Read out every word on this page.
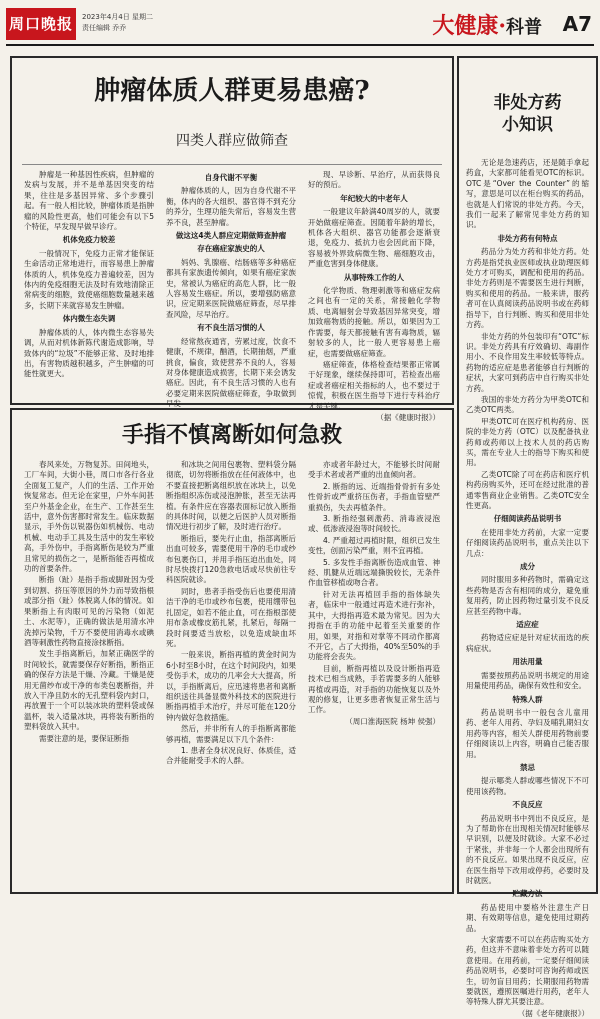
周口晚报	2023年4月4日 星期二
责任编辑 乔乔	大健康·科普 A7
肿瘤体质人群更易患癌?
四类人群应做筛查

肿瘤是一种基因性疾病，但肿瘤的发病与发展，并不是单基因突变的结果，往往是多基因异常、多个步骤引起。有一般人相比较，肿瘤体质是指肿瘤的风险性更高，他们可能会有以下5个特征，早发现早做早诊疗。

机体免疫力较差

一般情况下，免疫力正常才能保证生命活动正常地进行，而容易患上肿瘤体质的人，机体免疫力普遍较差，因为体内的免疫细胞无法及时有效地清除正常病变的细胞，致使癌细胞数量越来越多，长期下来就容易发生肿瘤。

体内微生态失调

肿瘤体质的人，体内微生态容易失调，从而对机体新陈代谢造成影响，导致体内的“垃圾”不能够正常、及时地排出，有害物质越积越多，产生肿瘤的可能性就更大。

自身代谢不平衡

肿瘤体质的人，因为自身代谢不平衡，体内的各大组织、器官得不到充分的养分，生理功能失常后，容易发生营养不良，甚至肿瘤。

做这这4类人群应定期做筛查肿瘤

存在癌症家族史的人

妈妈、乳腺癌、结肠癌等多种癌症都具有家族遗传倾向，如果有癌症家族史，常被认为癌症的高危人群，比一般人容易发生癌症。所以，要增强防癌意识，应定期来医院做癌症筛查，尽早排查风险，尽早治疗。

有不良生活习惯的人

经常熬夜通宵，劳累过度，饮食不健康，不规律，酗酒，长期抽烟，严重挑食，偏食，致使营养不良的人，容易对身体健康造成损害，长期下来会诱发癌症。因此，有不良生活习惯的人也有必要定期来医院做癌症筛查，争取做到早发

现、早诊断、早治疗，从而获得良好的预后。

年纪较大的中老年人

一般建议年龄满40周岁的人，就要开始做癌症筛查。因随着年龄的增长，机体各大组织、器官功能都会逐渐衰退，免疫力、抵抗力也会因此而下降，容易被外界致病微生物、癌细胞攻击，严重危害到身体健康。

从事特殊工作的人

化学物质、物理刺激等和癌症发病之间也有一定的关系，常接触化学物质、电离辐射会导致基因异常突变，增加致癌物质的接触。所以，如果因为工作需要，每天都接触有害有毒物质，辐射较多的人，比一般人更容易患上癌症，也需要做癌症筛查。

癌症筛查，体格检查结果都正常属于好现象，继续保持即可，若检查出癌症或者癌症相关指标的人，也不要过于惊慌，积极在医生指导下进行专科治疗才是关键。

（据《健康时报》）

手指不慎离断如何急救

春风来处，万物复苏。田间地头，工厂车间，大街小巷，周口市各行各业全面复工复产，人们的生活、工作开始恢复常态。但无论在家里，户外车间甚至户外基金企业，在生产、工作甚至生活中，意外伤害都时常发生。临床数据显示，手外伤以锐器伤如机械伤、电动机械、电动手工具及生活中的发生率较高，手外伤中，手指离断伤是较为严重且常见的损伤之一，是断指能否再植成功的首要条件。

断指（趾）是指手指或脚趾因为受到切割、挤压等原因的外力而导致指根或部分指（趾）体脱离人体的情况。如果断指上有肉眼可见的污染物（如泥土、水泥等），正确的做法是用清水冲洗掉污染物，千万不要使用消毒水或碘酒等刺激性药物直接涂抹断指。

发生手指离断后，加紧正确医学的时间较长，就需要保存好断指，断指正确的保存方法是干燥、冷藏。干燥是使用无菌纱布或干净的布类包裹断指，并放入干净且防水的无孔塑料袋内封口，再放置于一个可以装冰块的塑料袋或保温杯，装入适量冰块，再将装有断指的塑料袋放入其中。

需要注意的是，要保证断指

和冰块之间用包裹物、塑料袋分隔彻底，切勿将断指放在任何液体中，也不要直接把断离组织放在冰块上，以免断指组织冻伤或浸泡肿胀，甚至无法再植。有条件应在容器表面标记放入断指的具体时间，以便之后医护人员对断指情况进行初步了解，及时进行治疗。

断指后，要先行止血，指部离断后出血可较多，需要使用干净的毛巾或纱布包裹伤口，并用手指压迫出血处，同时尽快拨打120急救电话或尽快前往专科医院就诊。

同时，患者手指受伤后也要使用清洁干净的毛巾或纱布包裹，使用绷带包扎固定，如若不能止血，可在指根部使用布条或橡皮筋扎紧，扎紧后，每隔一段时间要适当放松，以免造成缺血坏死。

一般来说，断指再植的黄金时间为6小时至8小时，在这个时间段内，如果受伤手术，成功的几率会大大提高，所以，手指断离后，应迅速将患者和离断组织送往具备显微外科技术的医院进行断指再植手术治疗，并尽可能在120分钟内做好急救措施。

然后，并非所有人的手指断离都能够再植，需要满足以下几个条件：

1. 患者全身状况良好、体质佳，适合并能耐受手术的人群。

亦或者年龄过大，不能够长时间耐受手术者或者严重的出血倾向者。

2. 断指的远、近端指骨骨折有多处性骨折或严重挤压伤者，手指血管壁严重损伤，失去再植条件。

3. 断指经强刺激药、消毒液浸泡或、低渗液浸泡等时间较长。

4. 严重超过再植时限，组织已发生变性，创面污染严重，则不宜再植。

5. 多发性手指离断伤造成血管、神经、肌腱从近端远端撕脱较长，无条件作血管移植或吻合者。

针对无法再植回手指的指体缺失者，临床中一般通过再造术进行弥补，其中，大拇指再造术最为常见。因为大拇指在手的功能中起着至关重要的作用，如果，对指和对掌等不同动作都离不开它，占了大拇指，40%至50%的手功能将会丧失。

目前，断指再植以及设计断指再造技术已相当成熟，手若需要多的人能够再植或再造，对手指的功能恢复以及外观的修复，让更多患者恢复正常生活与工作。

（周口淮海医院 杨坤 侯强）

非处方药
小知识

无论是急速药店，还是随手拿起药盒，大家都可能看见OTC的标识。OTC是“Over the Counter”的缩写，意思是可以在柜台购买的药品，也就是人们常说的非处方药。今天，我们一起来了解常见非处方药的知识。

非处方药有何特点

药品分为处方药和非处方药。处方药是指凭执业医师或执业助理医师处方才可购买，调配和使用的药品。非处方药则是不需要医生进行判断，购买和使用的药品。一般来讲，服药者可在认真阅读药品说明书或在药师指导下，自行判断、购买和使用非处方药。

非处方药的外包装印有“OTC”标识。非处方药具有疗效确切、毒副作用小、不良作用发生率较低等特点。药物的适应症是患者能够自行判断的症状，大家可到药店中自行购买非处方药。

我国的非处方药分为甲类OTC和乙类OTC两类。

甲类OTC可在医疗机构药房、医院的非处方药（OTC）以及配备执业药师或药师以上技术人员的药店购买，需在专业人士的指导下购买和使用。

乙类OTC除了可在药店和医疗机构药房购买外，还可在经过批准的普通零售商业企业销售。乙类OTC安全性更高。

仔细阅读药品说明书

在使用非处方药前，大家一定要仔细阅读药品说明书，重点关注以下几点：

成分

同时服用多种药物时，需确定这些药物是否含有相同的成分，避免重复用药，防止因药物过量引发不良反应甚至药物中毒。

适应症

药物适应症是针对症状而选的疾病症状。

用法用量

需要按照药品说明书规定的用途用量使用药品，确保有效性和安全。

特殊人群

药品说明书中一般包含儿童用药、老年人用药、孕妇及哺乳期妇女用药等内容，相关人群使用药物前要仔细阅读以上内容，明确自己能否服用。

禁忌

提示哪类人群或哪些情况下不可使用该药物。

不良反应

药品说明书中列出不良反应，是为了帮助你在出现相关情况时能够尽早识别，以便及时就诊。大家不必过于紧张，并非每一个人都会出现所有的不良反应。如果出现不良反应，应在医生指导下改用或停药，必要时及时就医。

贮藏方法

药品使用中要格外注意生产日期、有效期等信息，避免使用过期药品。

大家需要不可以在药店购买处方药，但这并不意味着非处方药可以随意使用。在用药前，一定要仔细阅读药品说明书，必要时可咨询药师或医生，切勿盲目用药；长期服用药物需要就医，遵照医嘱进行用药，老年人等特殊人群尤其要注意。

（据《老年健康报》）
